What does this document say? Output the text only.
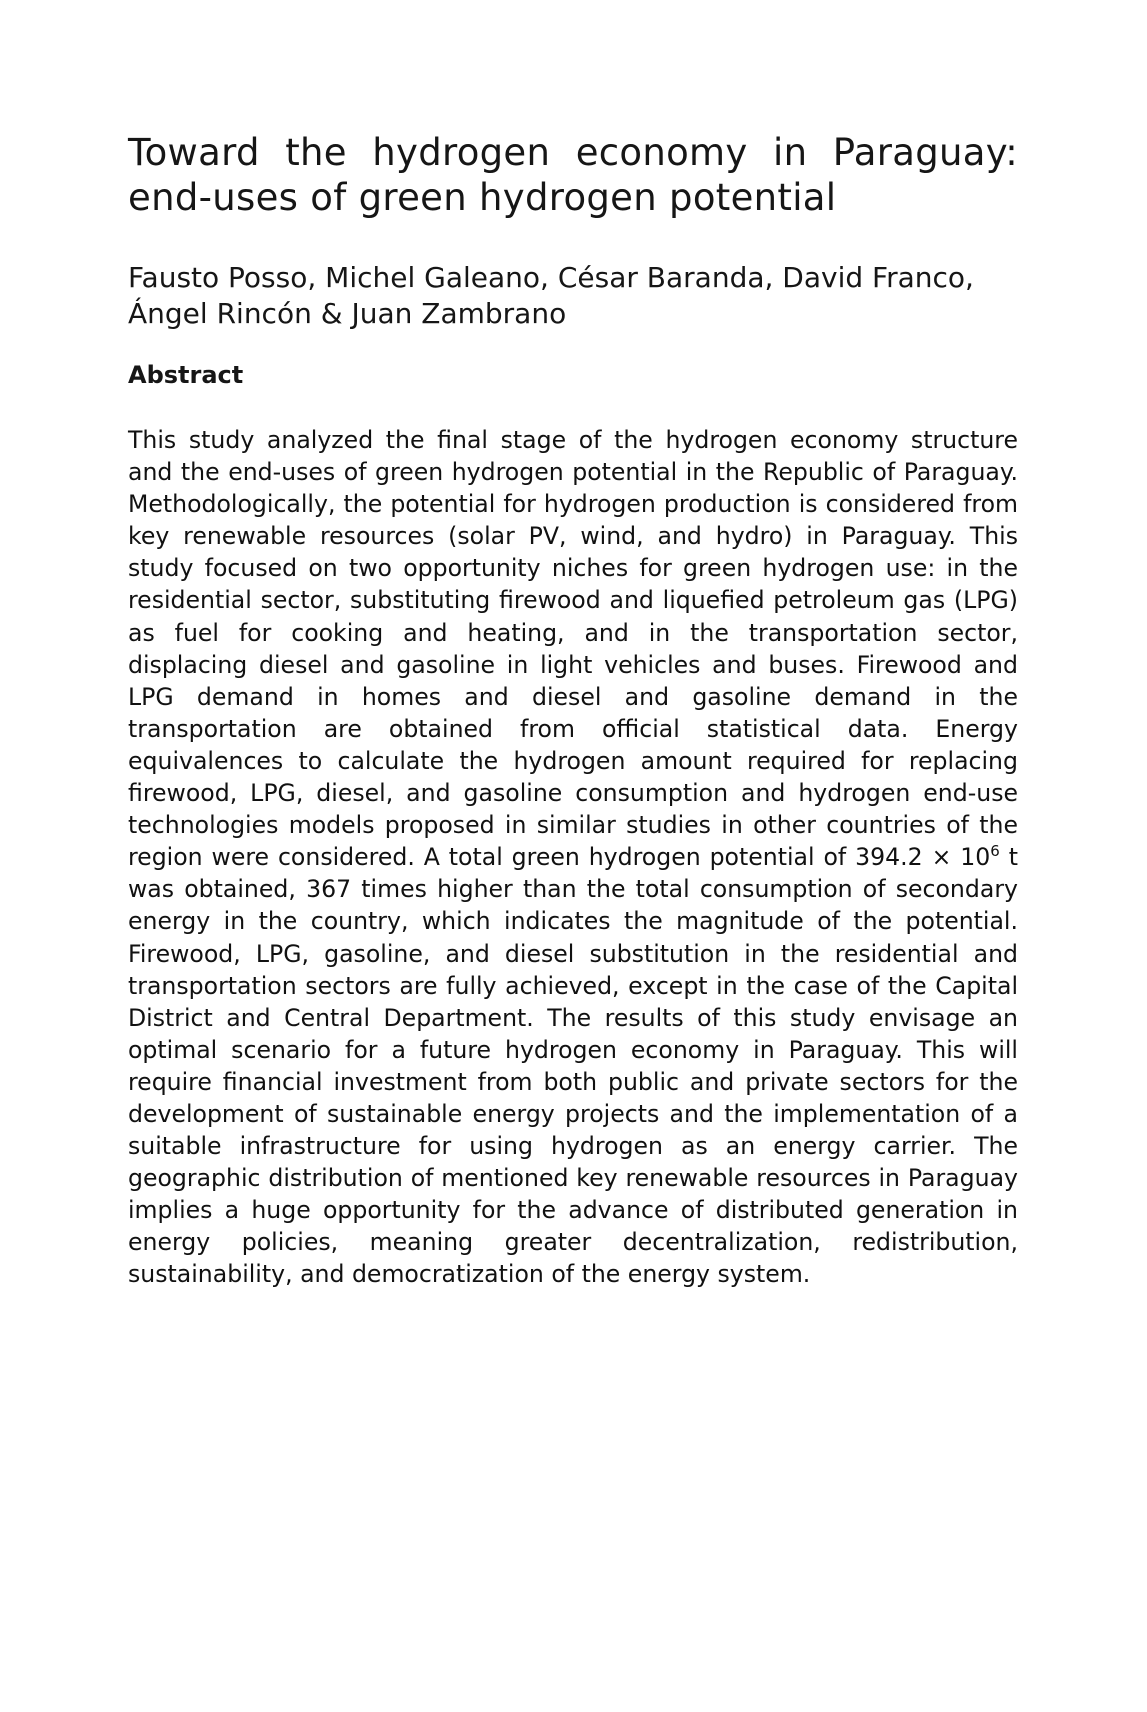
Toward the hydrogen economy in Paraguay: end-uses of green hydrogen potential

Fausto Posso, Michel Galeano, César Baranda, David Franco, Ángel Rincón & Juan Zambrano

Abstract

This study analyzed the final stage of the hydrogen economy structure and the end-uses of green hydrogen potential in the Republic of Paraguay. Methodologically, the potential for hydrogen production is considered from key renewable resources (solar PV, wind, and hydro) in Paraguay. This study focused on two opportunity niches for green hydrogen use: in the residential sector, substituting firewood and liquefied petroleum gas (LPG) as fuel for cooking and heating, and in the transportation sector, displacing diesel and gasoline in light vehicles and buses. Firewood and LPG demand in homes and diesel and gasoline demand in the transportation are obtained from official statistical data. Energy equivalences to calculate the hydrogen amount required for replacing firewood, LPG, diesel, and gasoline consumption and hydrogen end-use technologies models proposed in similar studies in other countries of the region were considered. A total green hydrogen potential of $394.2 \times 10^6$ t was obtained, 367 times higher than the total consumption of secondary energy in the country, which indicates the magnitude of the potential. Firewood, LPG, gasoline, and diesel substitution in the residential and transportation sectors are fully achieved, except in the case of the Capital District and Central Department. The results of this study envisage an optimal scenario for a future hydrogen economy in Paraguay. This will require financial investment from both public and private sectors for the development of sustainable energy projects and the implementation of a suitable infrastructure for using hydrogen as an energy carrier. The geographic distribution of mentioned key renewable resources in Paraguay implies a huge opportunity for the advance of distributed generation in energy policies, meaning greater decentralization, redistribution, sustainability, and democratization of the energy system.
